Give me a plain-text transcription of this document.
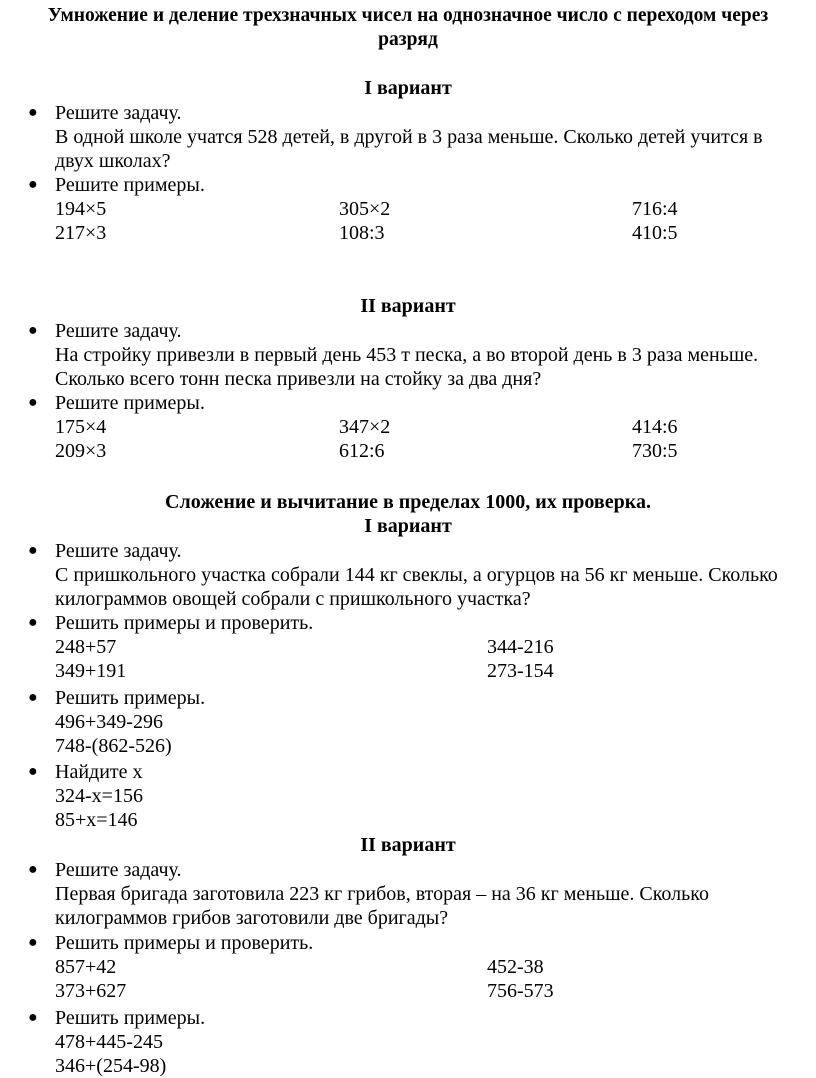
Умножение и деление трехзначных чисел на однозначное число с переходом через
разряд
I вариант
● Решите задачу.
В одной школе учатся 528 детей, в другой в 3 раза меньше. Сколько детей учится в
двух школах?
● Решите примеры.
194×5	305×2	716:4
217×3	108:3	410:5
II вариант
● Решите задачу.
На стройку привезли в первый день 453 т песка, а во второй день в 3 раза меньше.
Сколько всего тонн песка привезли на стойку за два дня?
● Решите примеры.
175×4	347×2	414:6
209×3	612:6	730:5
Сложение и вычитание в пределах 1000, их проверка.
I вариант
● Решите задачу.
С пришкольного участка собрали 144 кг свеклы, а огурцов на 56 кг меньше. Сколько
килограммов овощей собрали с пришкольного участка?
● Решить примеры и проверить.
248+57	344-216
349+191	273-154
● Решить примеры.
496+349-296
748-(862-526)
● Найдите х
324-х=156
85+х=146
II вариант
● Решите задачу.
Первая бригада заготовила 223 кг грибов, вторая – на 36 кг меньше. Сколько
килограммов грибов заготовили две бригады?
● Решить примеры и проверить.
857+42	452-38
373+627	756-573
● Решить примеры.
478+445-245
346+(254-98)
